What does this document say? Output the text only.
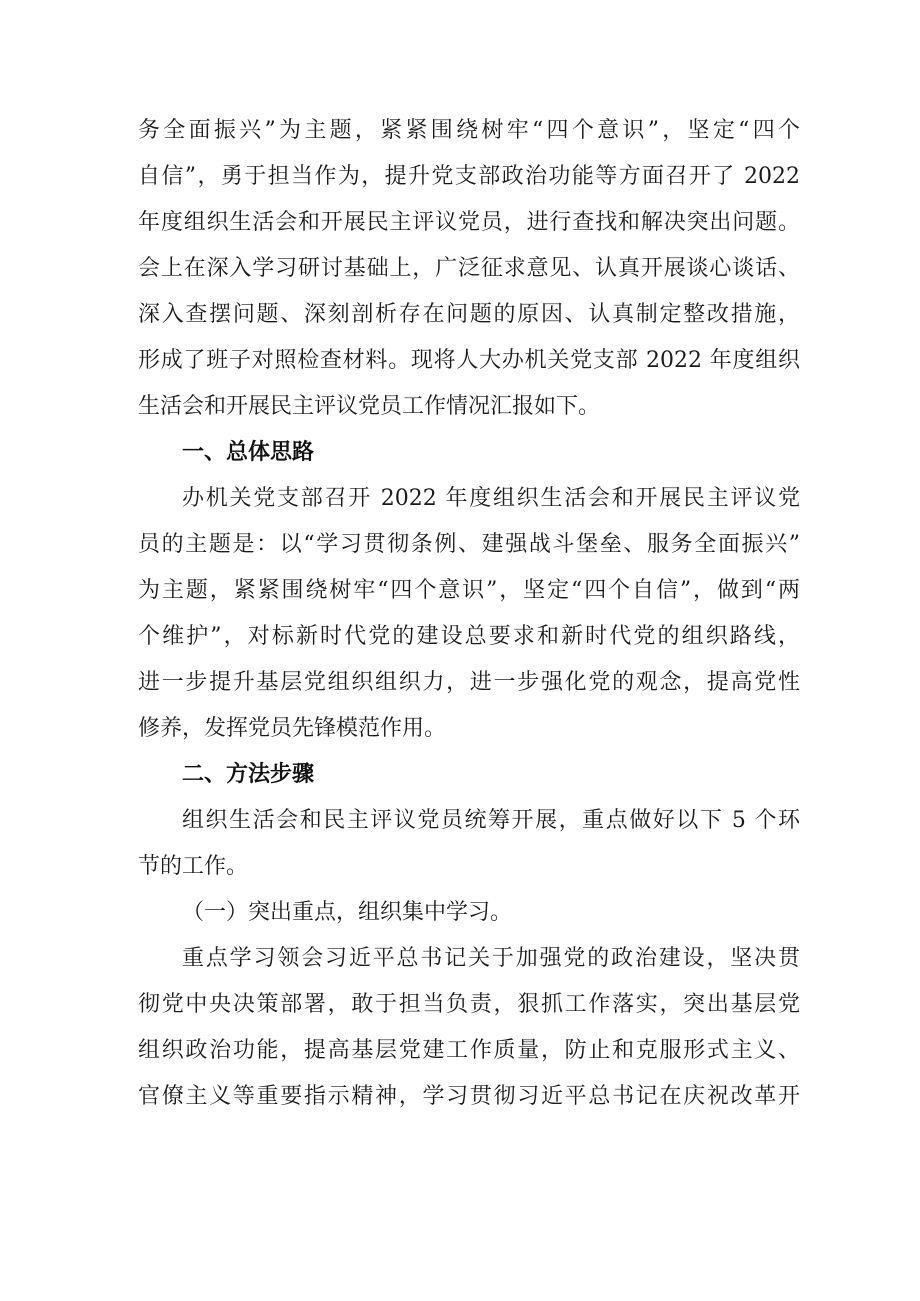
务全面振兴”为主题，紧紧围绕树牢“四个意识”，坚定“四个
自信”，勇于担当作为，提升党支部政治功能等方面召开了 2022
年度组织生活会和开展民主评议党员，进行查找和解决突出问题。
会上在深入学习研讨基础上，广泛征求意见、认真开展谈心谈话、
深入查摆问题、深刻剖析存在问题的原因、认真制定整改措施，
形成了班子对照检查材料。现将人大办机关党支部 2022 年度组织
生活会和开展民主评议党员工作情况汇报如下。
一、总体思路
办机关党支部召开 2022 年度组织生活会和开展民主评议党
员的主题是：以“学习贯彻条例、建强战斗堡垒、服务全面振兴”
为主题，紧紧围绕树牢“四个意识”，坚定“四个自信”，做到“两
个维护”，对标新时代党的建设总要求和新时代党的组织路线，
进一步提升基层党组织组织力，进一步强化党的观念，提高党性
修养，发挥党员先锋模范作用。
二、方法步骤
组织生活会和民主评议党员统筹开展，重点做好以下 5 个环
节的工作。
（一）突出重点，组织集中学习。
重点学习领会习近平总书记关于加强党的政治建设，坚决贯
彻党中央决策部署，敢于担当负责，狠抓工作落实，突出基层党
组织政治功能，提高基层党建工作质量，防止和克服形式主义、
官僚主义等重要指示精神，学习贯彻习近平总书记在庆祝改革开
